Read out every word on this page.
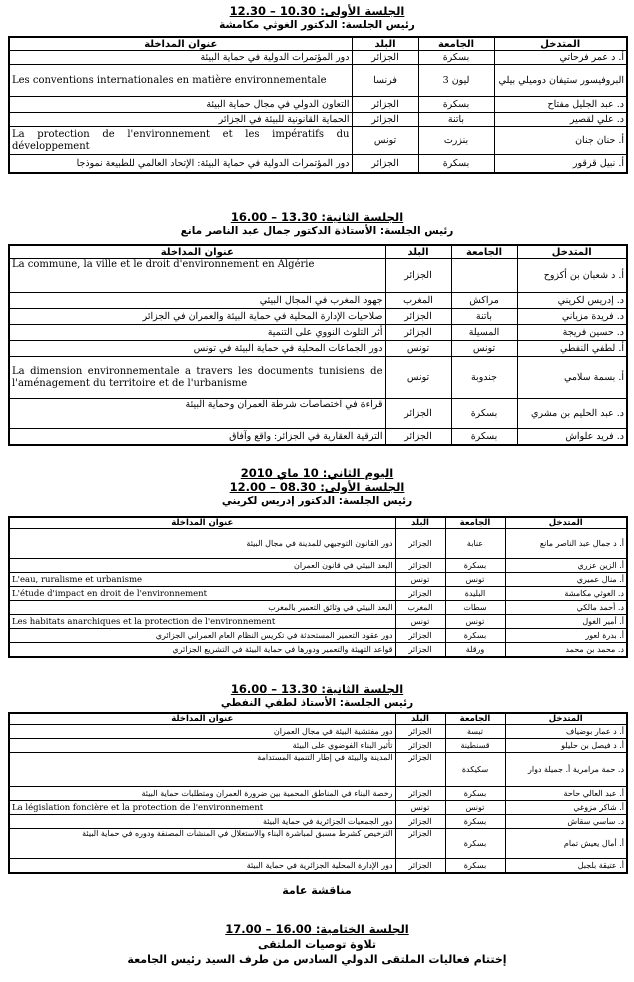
الجلسة الأولى: 10.30 – 12.30
رئيس الجلسة: الدكتور الغوثي مكامشة
المتدخل	الجامعة	البلد	عنوان المداخلة
أ. د عمر فرحاتي	بسكرة	الجزائر	دور المؤتمرات الدولية في حماية البيئة
البروفيسور ستيفان دوميلي بيلي	ليون 3	فرنسا	Les conventions internationales en matière environnementale
د. عبد الجليل مفتاح	بسكرة	الجزائر	التعاون الدولي في مجال حماية البيئة
د. علي لقصير	باتنة	الجزائر	الحماية القانونية للبيئة في الجزائر
أ. حنان جنان	بنزرت	تونس	La protection de l'environnement et les impératifs du développement
أ. نبيل قرقور	بسكرة	الجزائر	دور المؤتمرات الدولية في حماية البيئة: الإتحاد العالمي للطبيعة نموذجا
الجلسة الثانية: 13.30 – 16.00
رئيس الجلسة: الأستاذة الدكتور جمال عبد الناصر مانع
المتدخل	الجامعة	البلد	عنوان المداخلة
أ. د شعبان بن أكزوح		الجزائر	La commune, la ville et le droit d'environnement en Algérie
د. إدريس لكريني	مراكش	المغرب	جهود المغرب في المجال البيئي
د. فريدة مزياني	باتنة	الجزائر	صلاحيات الإدارة المحلية في حماية البيئة والعمران في الجزائر
د. حسين فريجة	المسيلة	الجزائر	أثر التلوث النووي على التنمية
أ. لطفي النفطي	تونس	تونس	دور الجماعات المحلية في حماية البيئة في تونس
أ. بسمة سلامي	جندوبة	تونس	La dimension environnementale a travers les documents tunisiens de l'aménagement du territoire et de l'urbanisme
د. عبد الحليم بن مشري	بسكرة	الجزائر	قراءة في اختصاصات شرطة العمران وحماية البيئة
د. فريد علواش	بسكرة	الجزائر	الترقية العقارية في الجزائر: واقع وآفاق
اليوم الثاني: 10 ماي 2010
الجلسة الأولى: 08.30 – 12.00
رئيس الجلسة: الدكتور إدريس لكريني
المتدخل	الجامعة	البلد	عنوان المداخلة
أ. د جمال عبد الناصر مانع	عنابة	الجزائر	دور القانون التوجيهي للمدينة في مجال البيئة
أ. الزين عزري	بسكرة	الجزائر	البعد البيئي في قانون العمران
أ. منال عميري	تونس	تونس	L'eau, ruralisme et urbanisme
د. الغوثي مكامشة	البليدة	الجزائر	L'étude d'impact en droit de l'environnement
د. أحمد مالكي	سطات	المغرب	البعد البيئي في وثائق التعمير بالمغرب
أ. أمير الغول	تونس	تونس	Les habitats anarchiques et la protection de l'environnement
أ. بدرة لعور	بسكرة	الجزائر	دور عقود التعمير المستحدثة في تكريس النظام العام العمراني الجزائري
د. محمد بن محمد	ورقلة	الجزائر	قواعد التهيئة والتعمير ودورها في حماية البيئة في التشريع الجزائري
الجلسة الثانية: 13.30 – 16.00
رئيس الجلسة: الأستاذ لطفي النفطي
المتدخل	الجامعة	البلد	عنوان المداخلة
أ. د عمار بوضياف	تبسة	الجزائر	دور مفتشية البيئة في مجال العمران
أ. د فيصل بن حليلو	قسنطينة	الجزائر	تأثير البناء الفوضوي على البيئة
د. حمة مرامرية أ. جميلة دوار	سكيكدة	الجزائر	المدينة والبيئة في إطار التنمية المستدامة
أ. عبد العالي حاحة	بسكرة	الجزائر	رخصة البناء في المناطق المحمية بين ضرورة العمران ومتطلبات حماية البيئة
أ. شاكر مزوغي	تونس	تونس	La législation foncière et la protection de l'environnement
د. ساسي سقاش	بسكرة	الجزائر	دور الجمعيات الجزائرية في حماية البيئة
أ. أمال يعيش تمام	بسكرة	الجزائر	الترخيص كشرط مسبق لمباشرة البناء والاستغلال في المنشآت المصنفة ودوره في حماية البيئة
أ. عتيقة بلجبل	بسكرة	الجزائر	دور الإدارة المحلية الجزائرية في حماية البيئة
مناقشة عامة
الجلسة الختامية: 16.00 – 17.00
تلاوة توصيات الملتقى
إختتام فعاليات الملتقى الدولي السادس من طرف السيد رئيس الجامعة
